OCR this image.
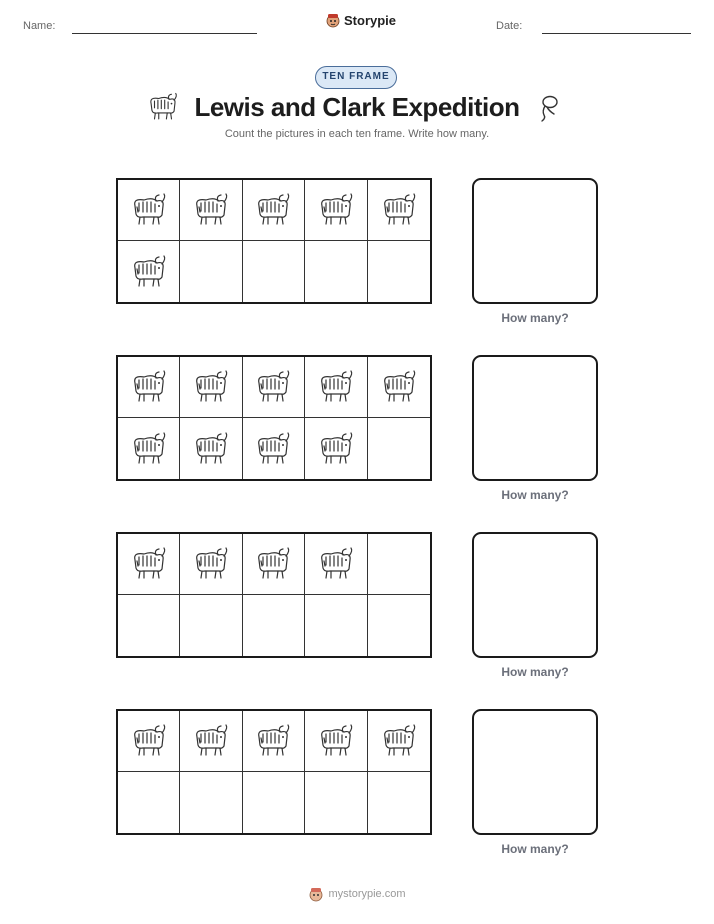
Name:	Storypie	Date:
TEN FRAME
Lewis and Clark Expedition
Count the pictures in each ten frame. Write how many.
How many?
How many?
How many?
How many?
mystorypie.com
